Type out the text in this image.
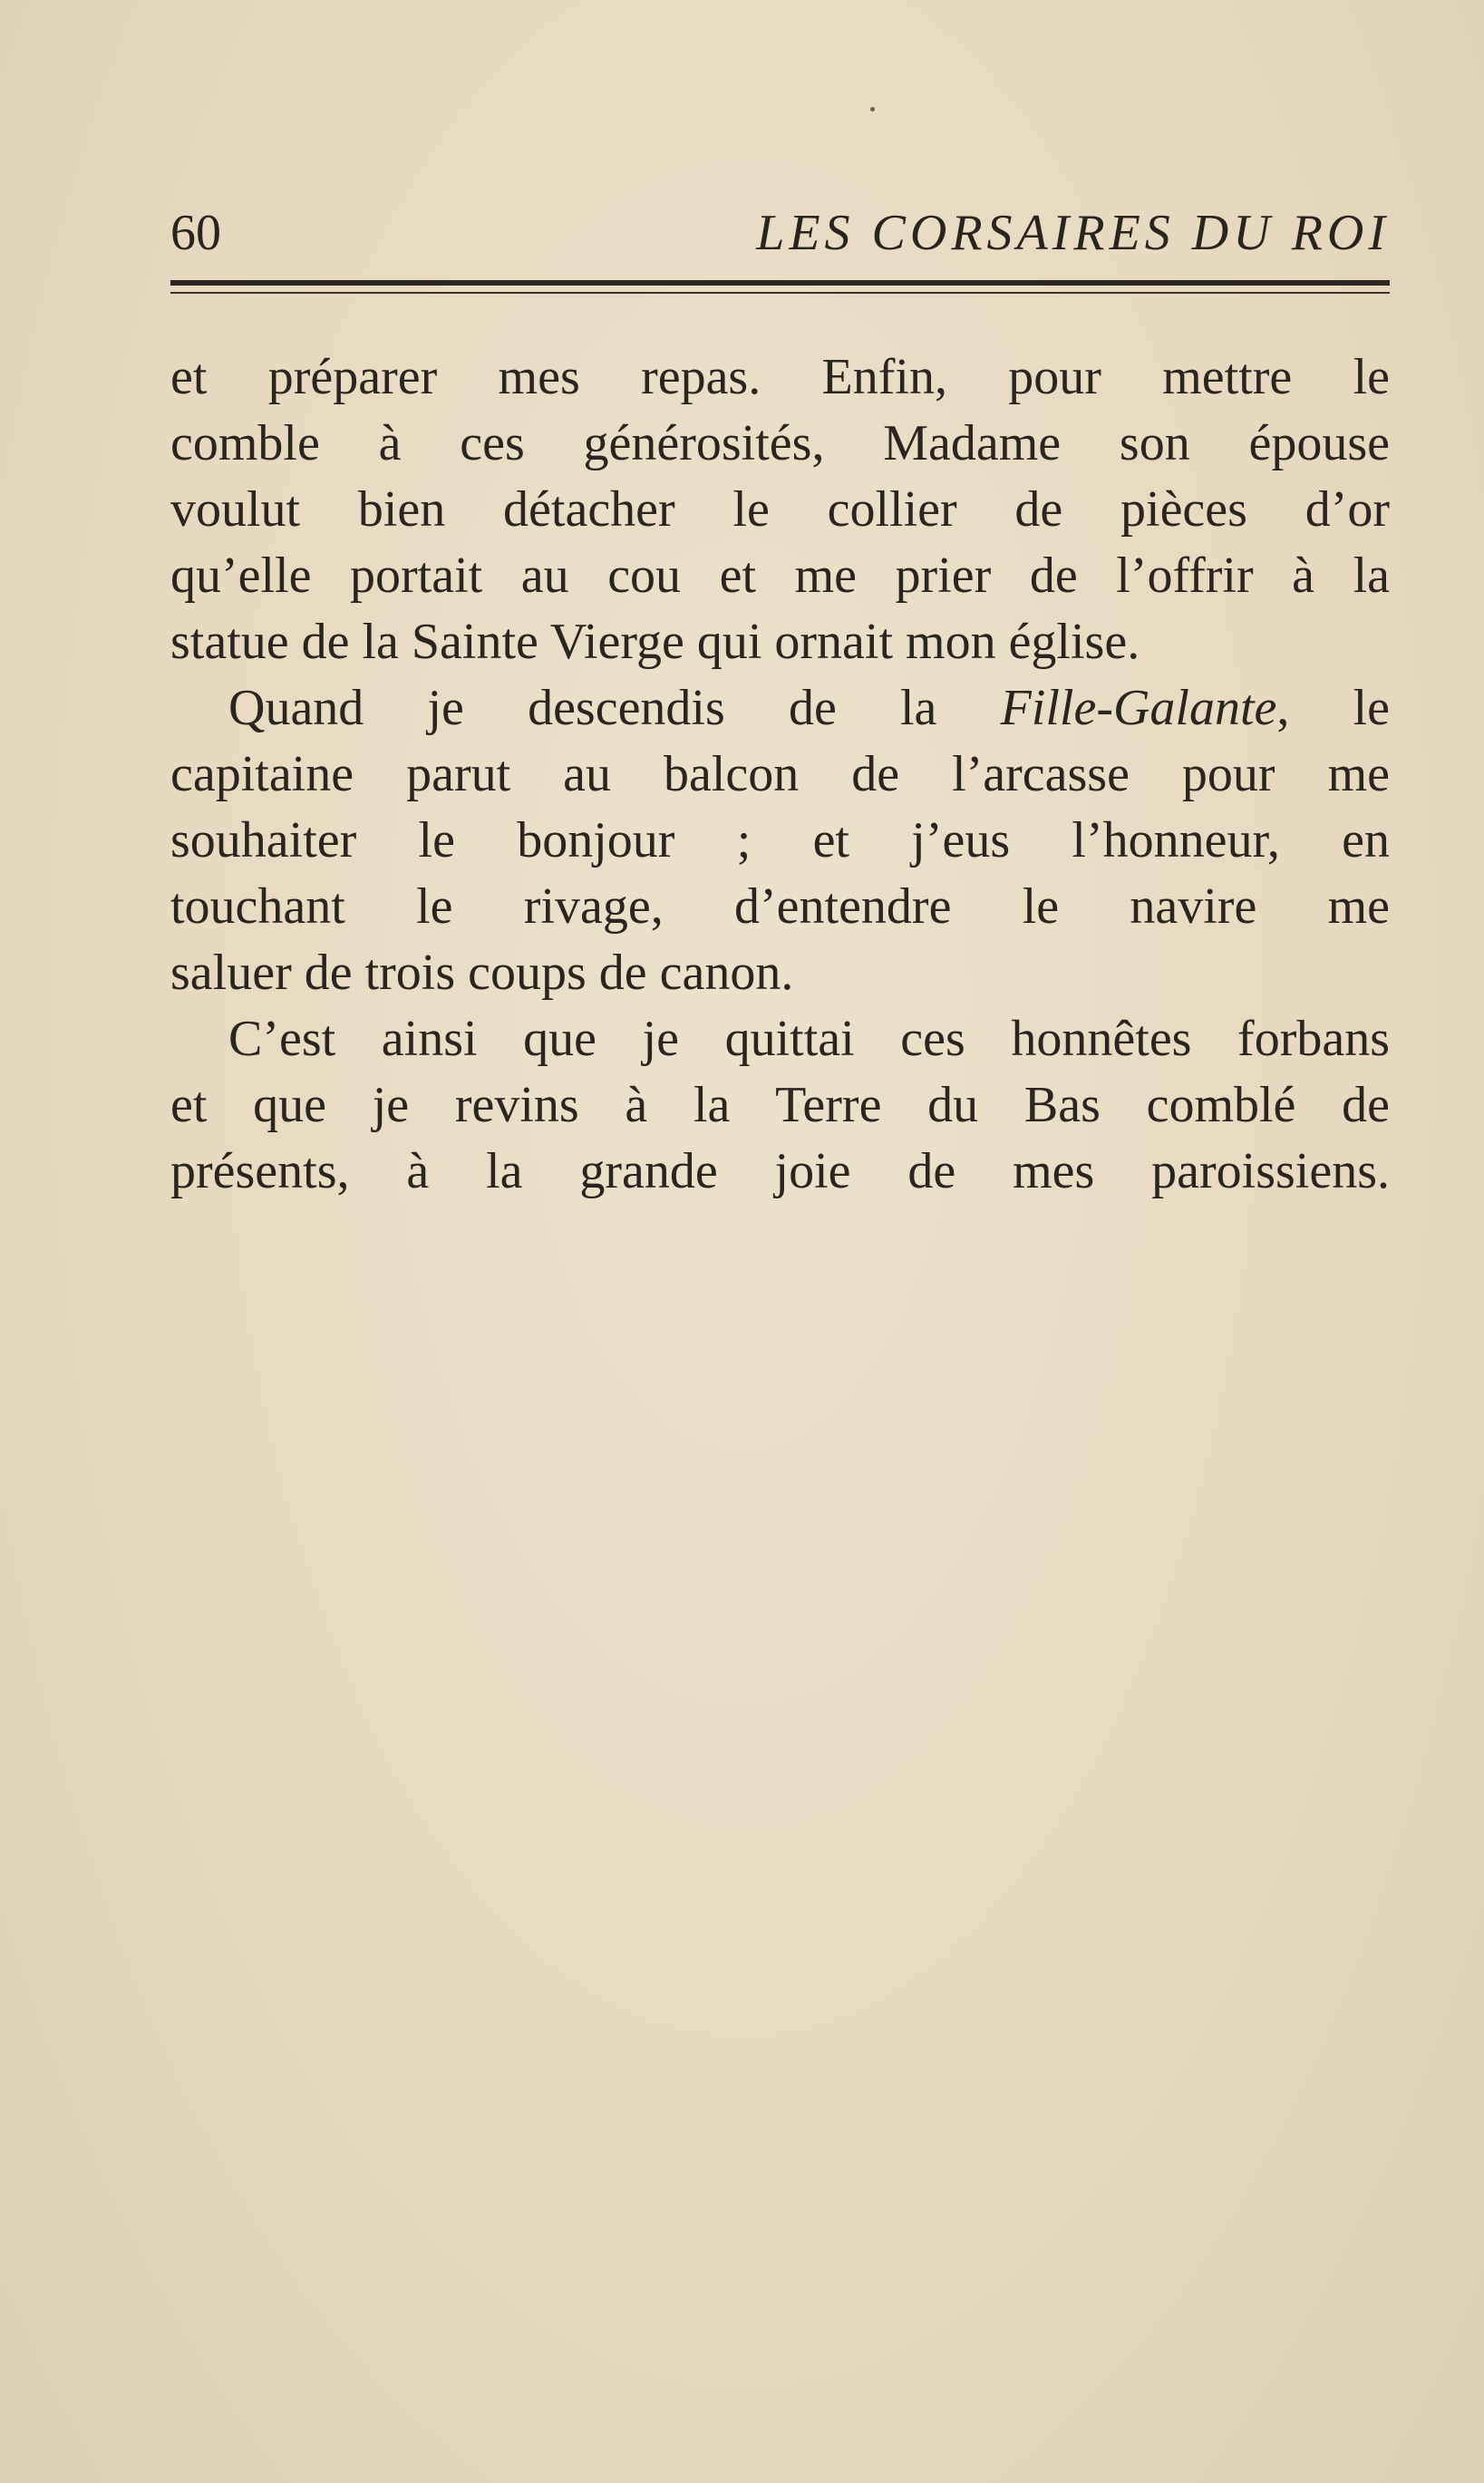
60	LES CORSAIRES DU ROI
et préparer mes repas. Enfin, pour mettre le
comble à ces générosités, Madame son épouse
voulut bien détacher le collier de pièces d’or
qu’elle portait au cou et me prier de l’offrir à la
statue de la Sainte Vierge qui ornait mon église.
Quand je descendis de la Fille-Galante, le
capitaine parut au balcon de l’arcasse pour me
souhaiter le bonjour ; et j’eus l’honneur, en
touchant le rivage, d’entendre le navire me
saluer de trois coups de canon.
C’est ainsi que je quittai ces honnêtes forbans
et que je revins à la Terre du Bas comblé de
présents, à la grande joie de mes paroissiens.
